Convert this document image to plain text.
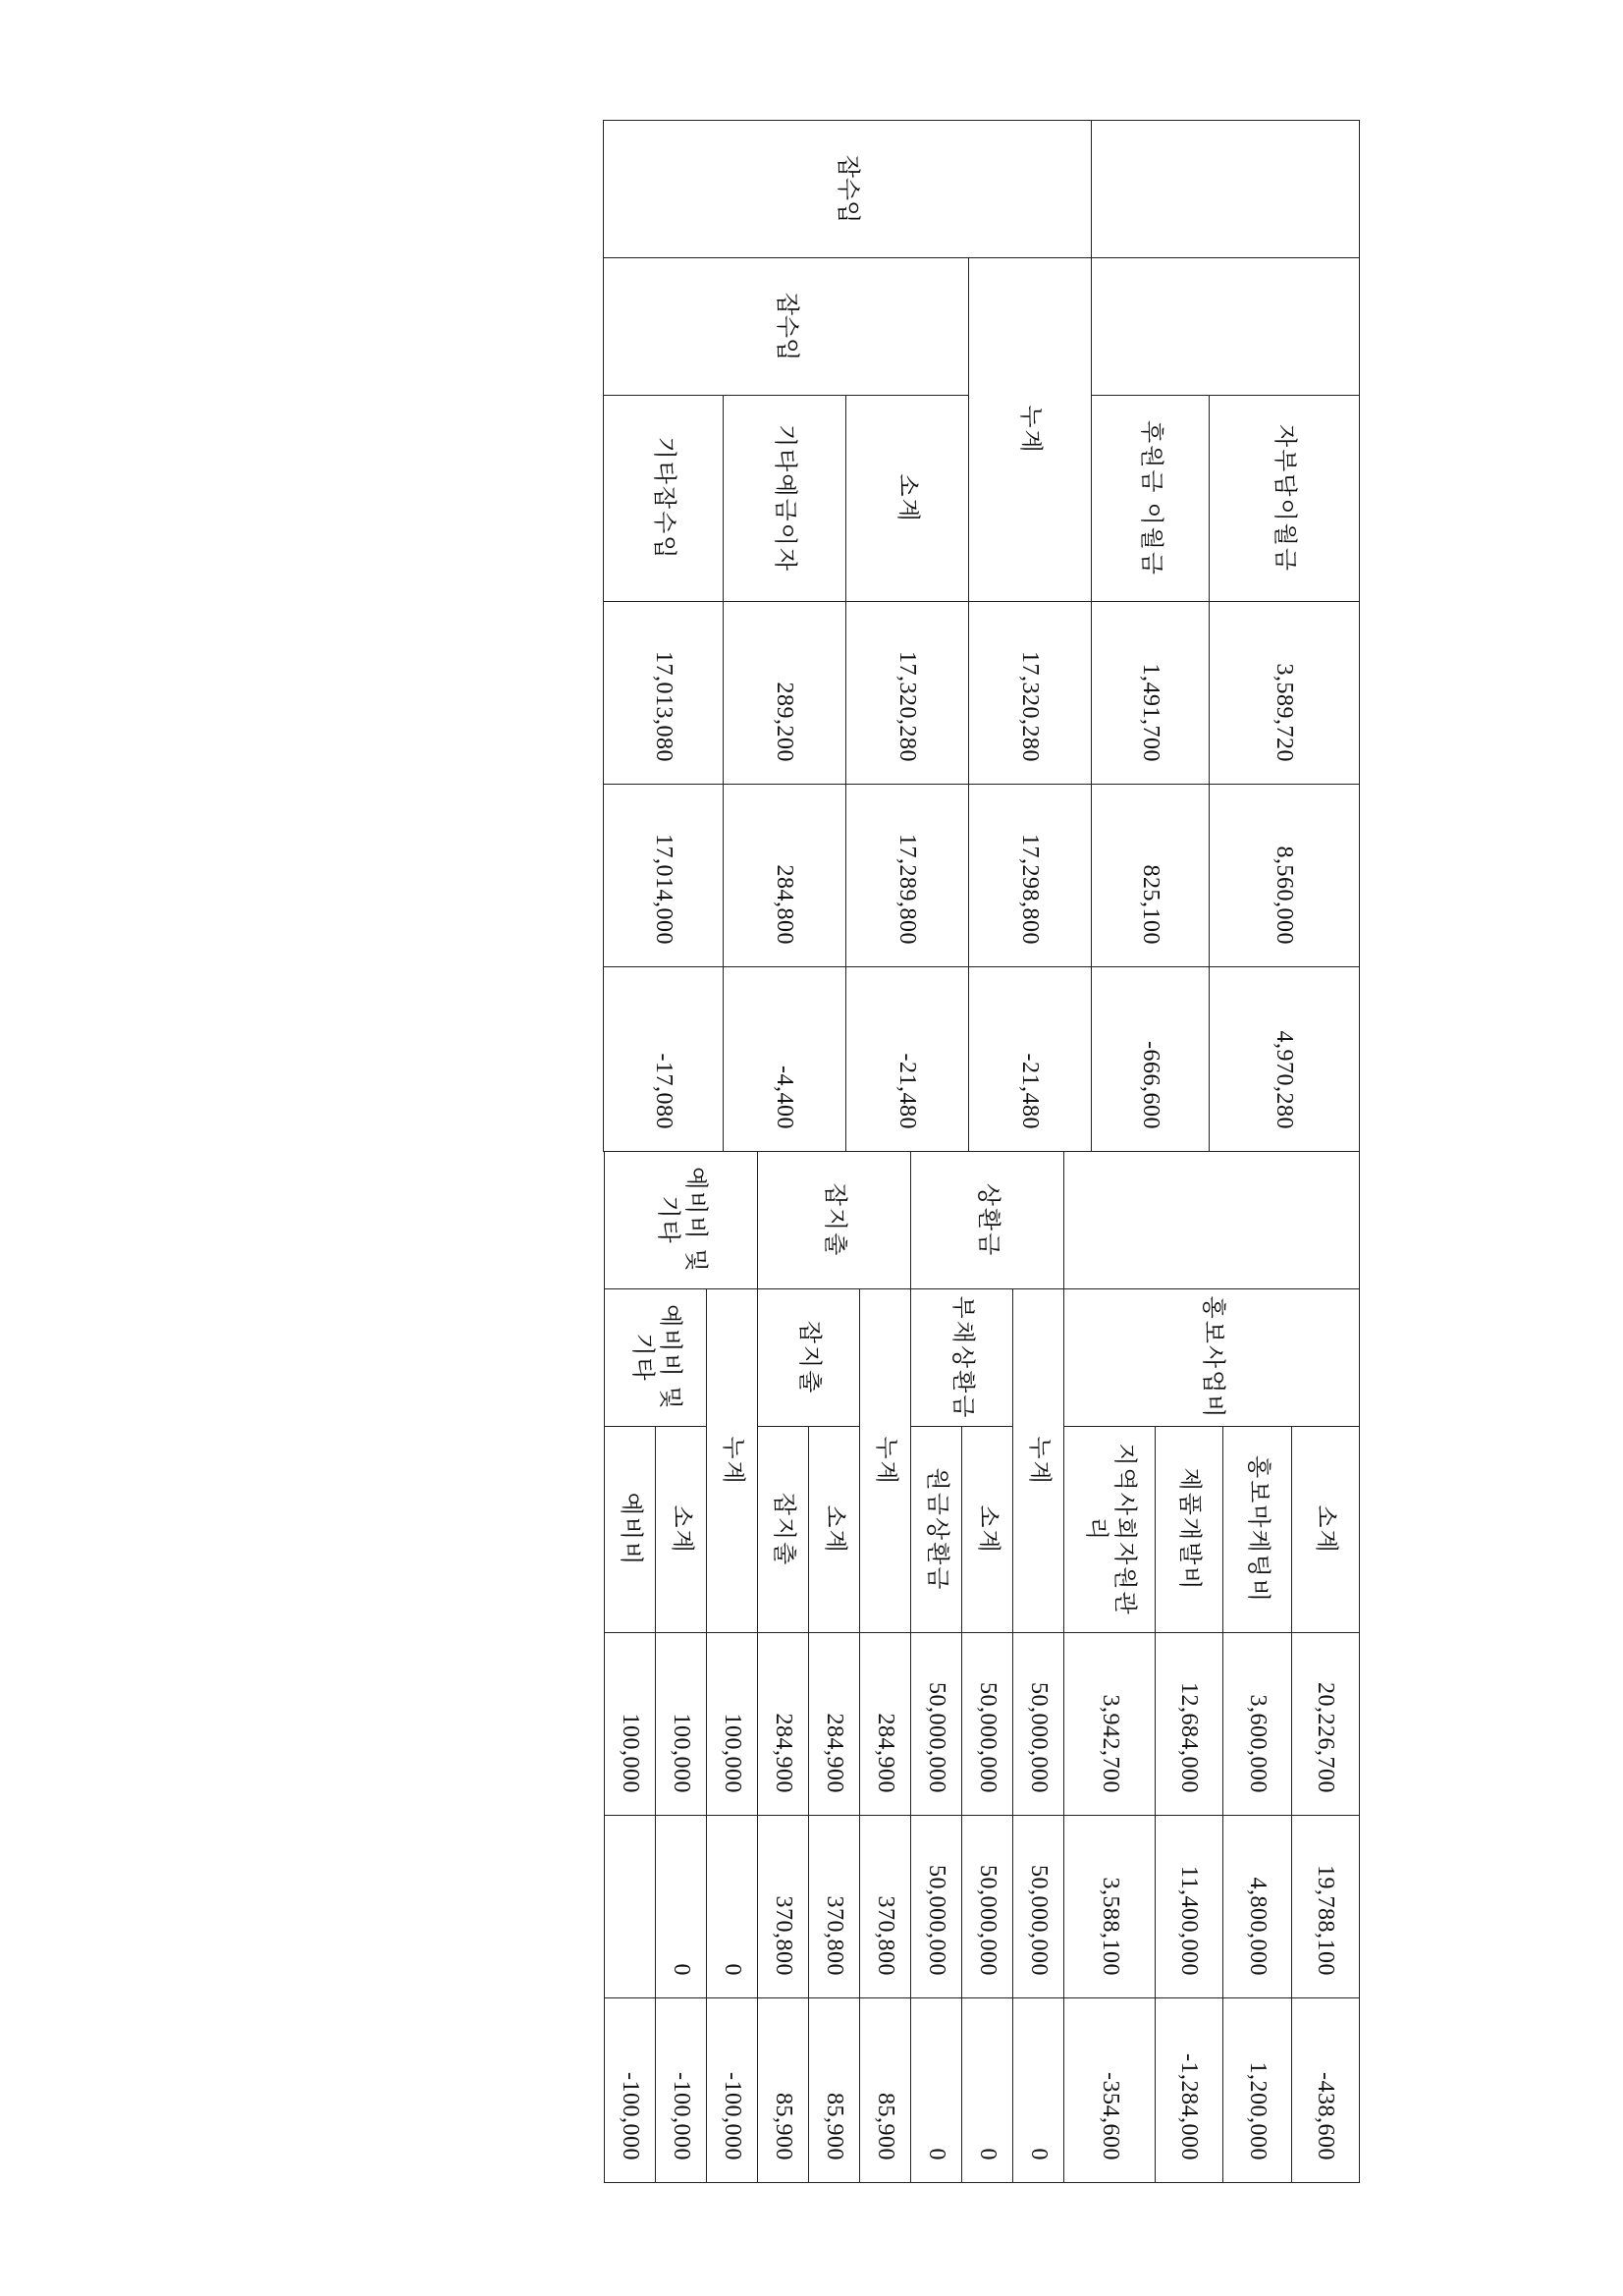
		자부담이월금	3,589,720	8,560,000	4,970,280
		후원금 이월금	1,491,700	825,100	-666,600
잡수입	누계		17,320,280	17,298,800	-21,480
	잡수입	소계	17,320,280	17,289,800	-21,480
		기타예금이자	289,200	284,800	-4,400
		기타잡수입	17,013,080	17,014,000	-17,080
	홍보사업비	소계	20,226,700	19,788,100	-438,600
		홍보마케팅비	3,600,000	4,800,000	1,200,000
		제품개발비	12,684,000	11,400,000	-1,284,000
		지역사회자원관리	3,942,700	3,588,100	-354,600
상환금	누계		50,000,000	50,000,000	0
	부채상환금	소계	50,000,000	50,000,000	0
		원금상환금	50,000,000	50,000,000	0
잡지출	누계		284,900	370,800	85,900
	잡지출	소계	284,900	370,800	85,900
		잡지출	284,900	370,800	85,900
예비비 및 기타	누계		100,000	0	-100,000
	예비비 및 기타	소계	100,000	0	-100,000
		예비비	100,000		-100,000
